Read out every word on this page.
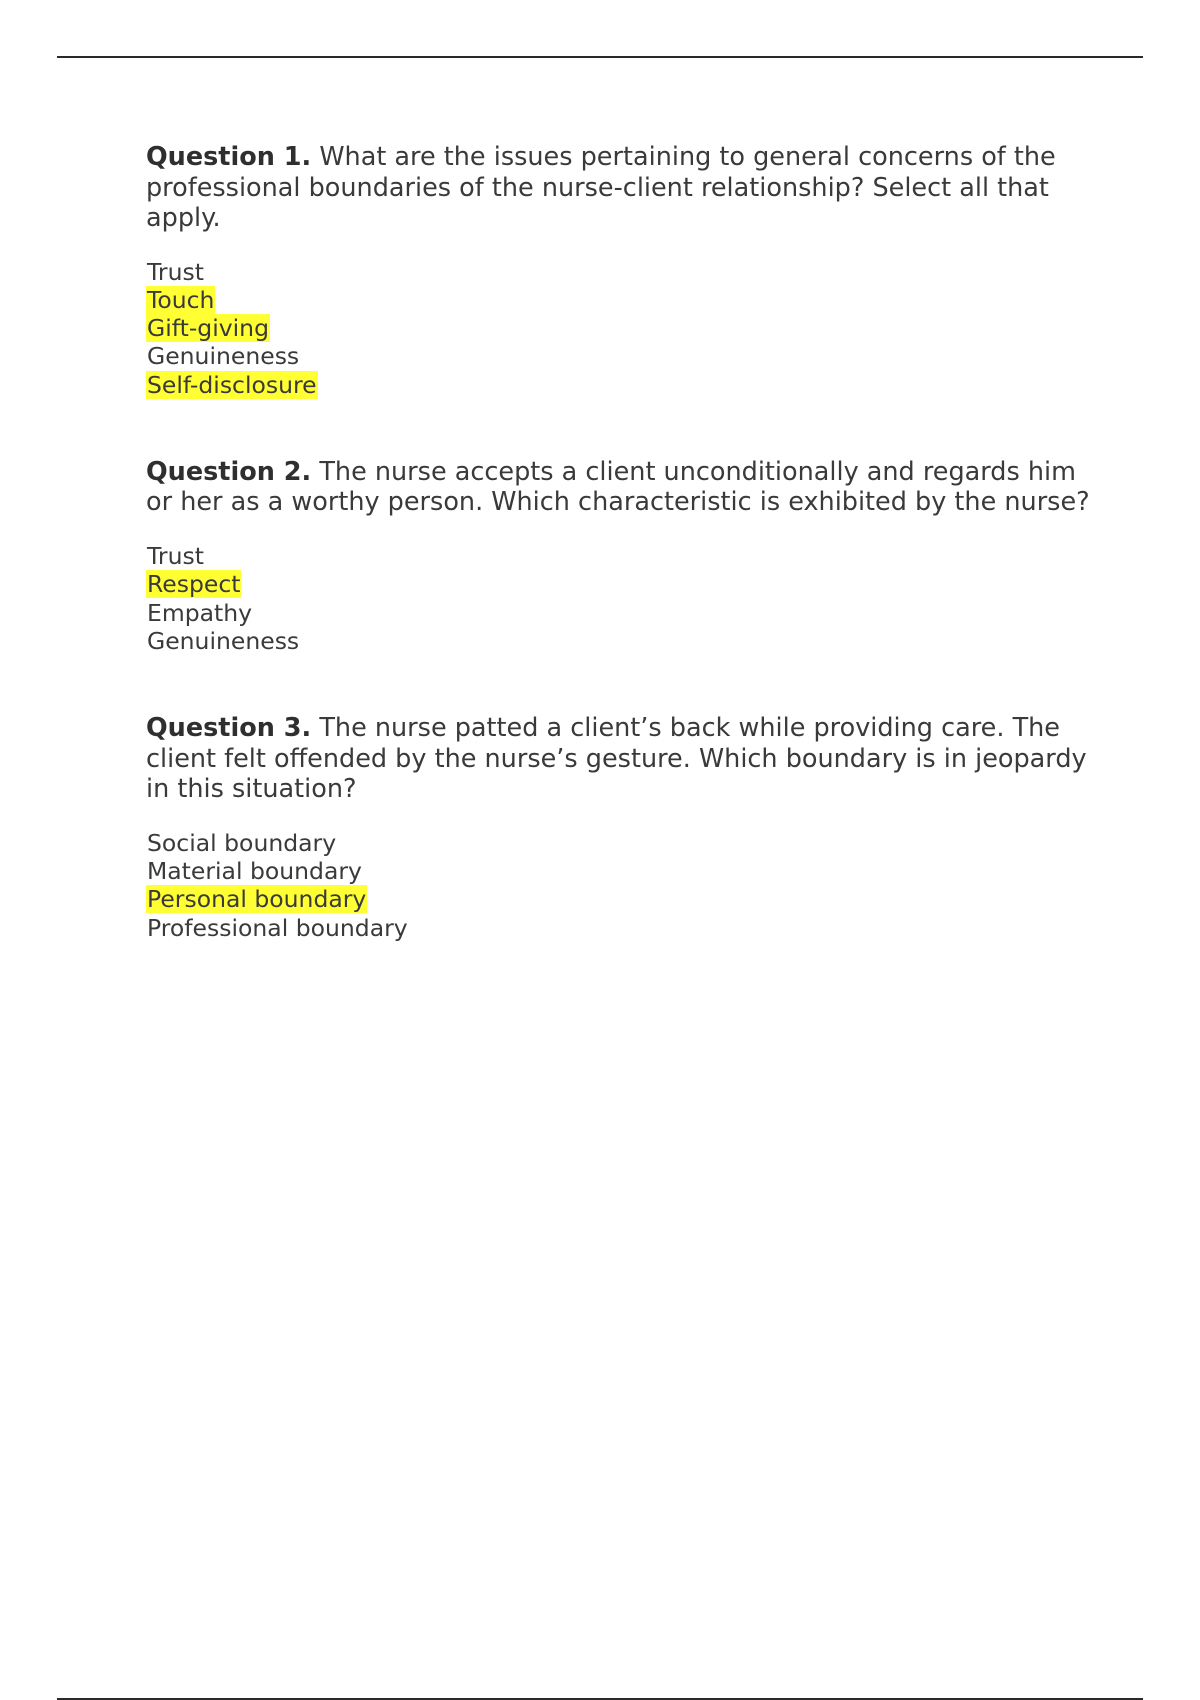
Question 1. What are the issues pertaining to general concerns of the professional boundaries of the nurse-client relationship? Select all that apply.

Trust
Touch
Gift-giving
Genuineness
Self-disclosure

Question 2. The nurse accepts a client unconditionally and regards him or her as a worthy person. Which characteristic is exhibited by the nurse?

Trust
Respect
Empathy
Genuineness

Question 3. The nurse patted a client’s back while providing care. The client felt offended by the nurse’s gesture. Which boundary is in jeopardy in this situation?

Social boundary
Material boundary
Personal boundary
Professional boundary
